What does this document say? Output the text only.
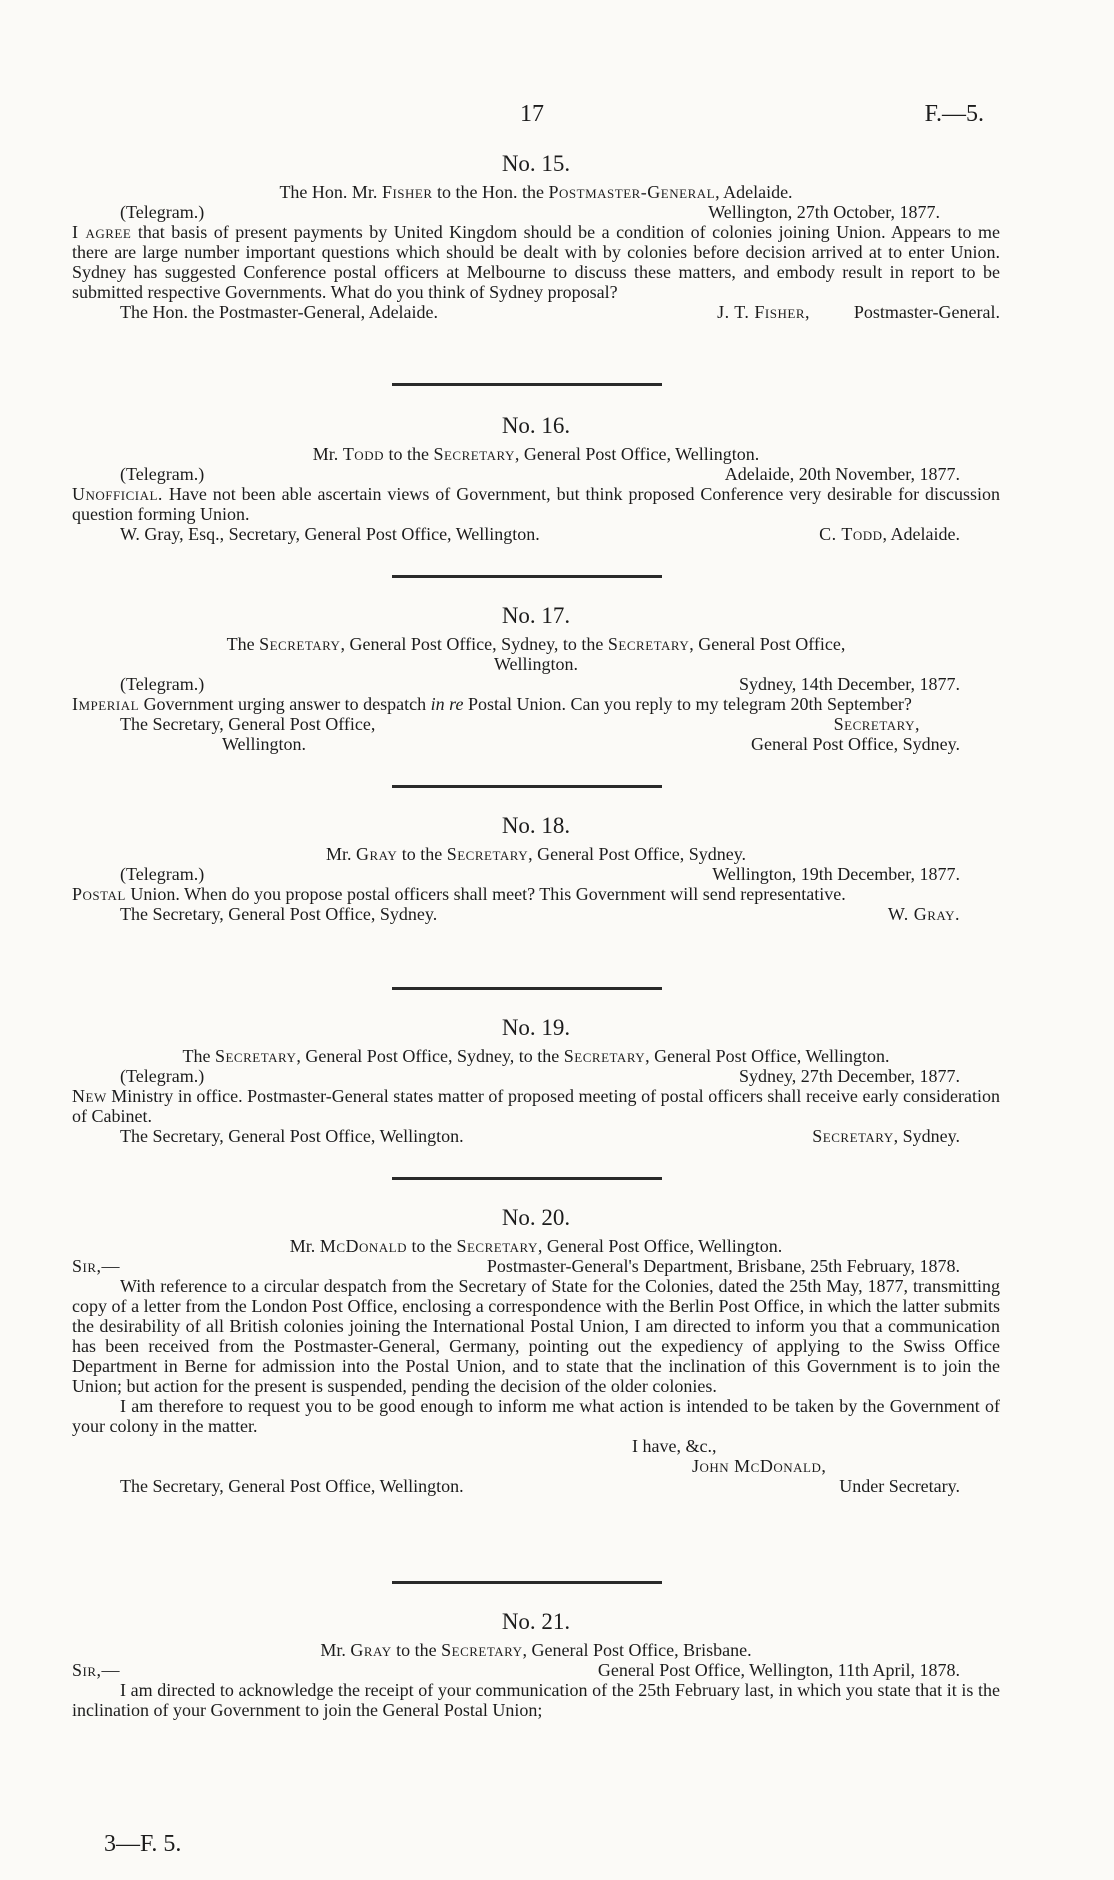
17	F.—5.
No. 15.
The Hon. Mr. Fisher to the Hon. the Postmaster-General, Adelaide.
(Telegram.)	Wellington, 27th October, 1877.

I agree that basis of present payments by United Kingdom should be a condition of colonies joining Union. Appears to me there are large number important questions which should be dealt with by colonies before decision arrived at to enter Union. Sydney has suggested Conference postal officers at Melbourne to discuss these matters, and embody result in report to be submitted respective Governments. What do you think of Sydney proposal?

J. T. Fisher,
The Hon. the Postmaster-General, Adelaide.	Postmaster-General.
No. 16.
Mr. Todd to the Secretary, General Post Office, Wellington.
(Telegram.)	Adelaide, 20th November, 1877.

Unofficial. Have not been able ascertain views of Government, but think proposed Conference very desirable for discussion question forming Union.

W. Gray, Esq., Secretary, General Post Office, Wellington.	C. Todd, Adelaide.
No. 17.
The Secretary, General Post Office, Sydney, to the Secretary, General Post Office,
Wellington.
(Telegram.)	Sydney, 14th December, 1877.

Imperial Government urging answer to despatch in re Postal Union. Can you reply to my telegram 20th September?

The Secretary, General Post Office,	Secretary,
Wellington.	General Post Office, Sydney.
No. 18.
Mr. Gray to the Secretary, General Post Office, Sydney.
(Telegram.)	Wellington, 19th December, 1877.

Postal Union. When do you propose postal officers shall meet? This Government will send representative.

The Secretary, General Post Office, Sydney.	W. Gray.
No. 19.
The Secretary, General Post Office, Sydney, to the Secretary, General Post Office, Wellington.
(Telegram.)	Sydney, 27th December, 1877.

New Ministry in office. Postmaster-General states matter of proposed meeting of postal officers shall receive early consideration of Cabinet.

The Secretary, General Post Office, Wellington.	Secretary, Sydney.
No. 20.
Mr. McDonald to the Secretary, General Post Office, Wellington.
Sir,—	Postmaster-General's Department, Brisbane, 25th February, 1878.

With reference to a circular despatch from the Secretary of State for the Colonies, dated the 25th May, 1877, transmitting copy of a letter from the London Post Office, enclosing a correspondence with the Berlin Post Office, in which the latter submits the desirability of all British colonies joining the International Postal Union, I am directed to inform you that a communication has been received from the Postmaster-General, Germany, pointing out the expediency of applying to the Swiss Office Department in Berne for admission into the Postal Union, and to state that the inclination of this Government is to join the Union; but action for the present is suspended, pending the decision of the older colonies.

I am therefore to request you to be good enough to inform me what action is intended to be taken by the Government of your colony in the matter.

I have, &c.,
John McDonald,
The Secretary, General Post Office, Wellington.	Under Secretary.
No. 21.
Mr. Gray to the Secretary, General Post Office, Brisbane.
Sir,—	General Post Office, Wellington, 11th April, 1878.

I am directed to acknowledge the receipt of your communication of the 25th February last, in which you state that it is the inclination of your Government to join the General Postal Union;

3—F. 5.
